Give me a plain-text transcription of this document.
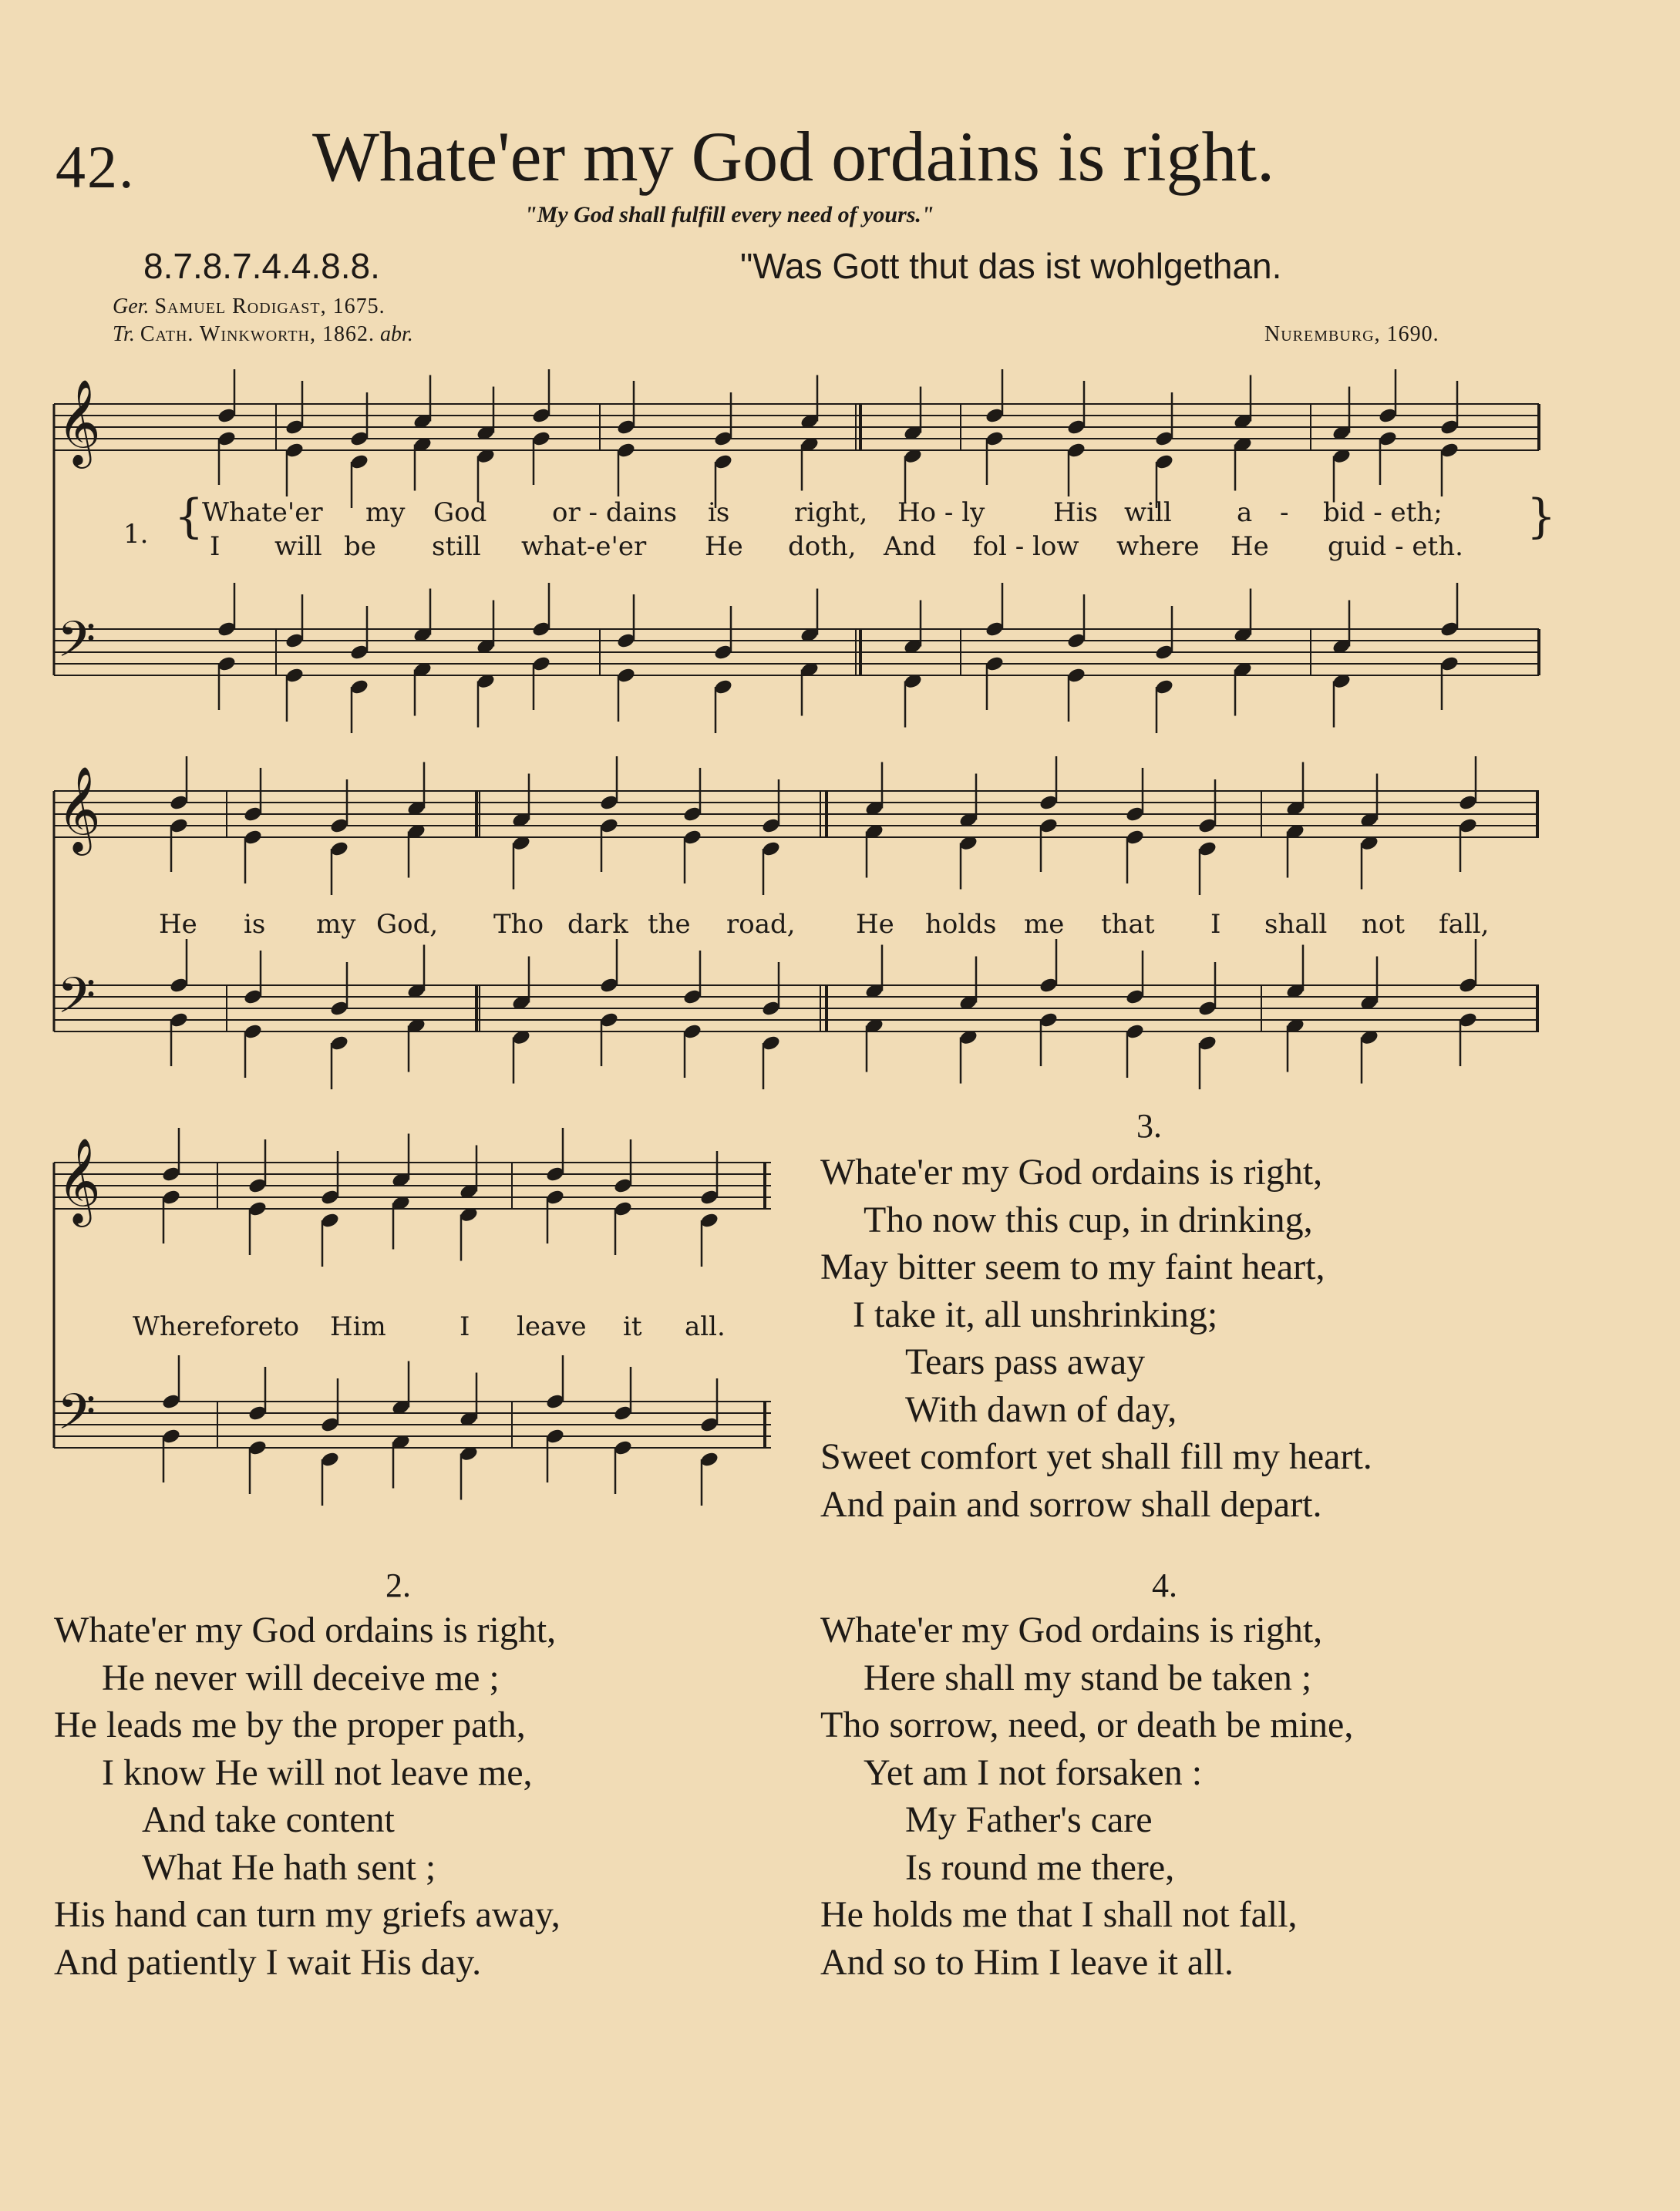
42. Whate'er my God ordains is right.
"My God shall fulfill every need of yours."
8.7.8.7.4.4.8.8.	"Was Gott thut das ist wohlgethan.
Ger. Samuel Rodigast, 1675.
Tr. Cath. Winkworth, 1862. abr.	Nuremburg, 1690.
𝄞
𝄢
𝄞
𝄢
𝄞
𝄢
1. {
Whate'er my God or - dains is right, Ho - ly	His will a - bid - eth;
I will be still what-e'er He doth, And fol - low where He guid - eth.
}
He is my God, Tho dark the road, He holds me that I shall not fall,
Wherefore to Him	I leave it all.
2.
Whate'er my God ordains is right,
He never will deceive me ;
He leads me by the proper path,
I know He will not leave me,
And take content
What He hath sent ;
His hand can turn my griefs away,
And patiently I wait His day.
3.
Whate'er my God ordains is right,
Tho now this cup, in drinking,
May bitter seem to my faint heart,
I take it, all unshrinking;
Tears pass away
With dawn of day,
Sweet comfort yet shall fill my heart.
And pain and sorrow shall depart.
4.
Whate'er my God ordains is right,
Here shall my stand be taken ;
Tho sorrow, need, or death be mine,
Yet am I not forsaken :
My Father's care
Is round me there,
He holds me that I shall not fall,
And so to Him I leave it all.
